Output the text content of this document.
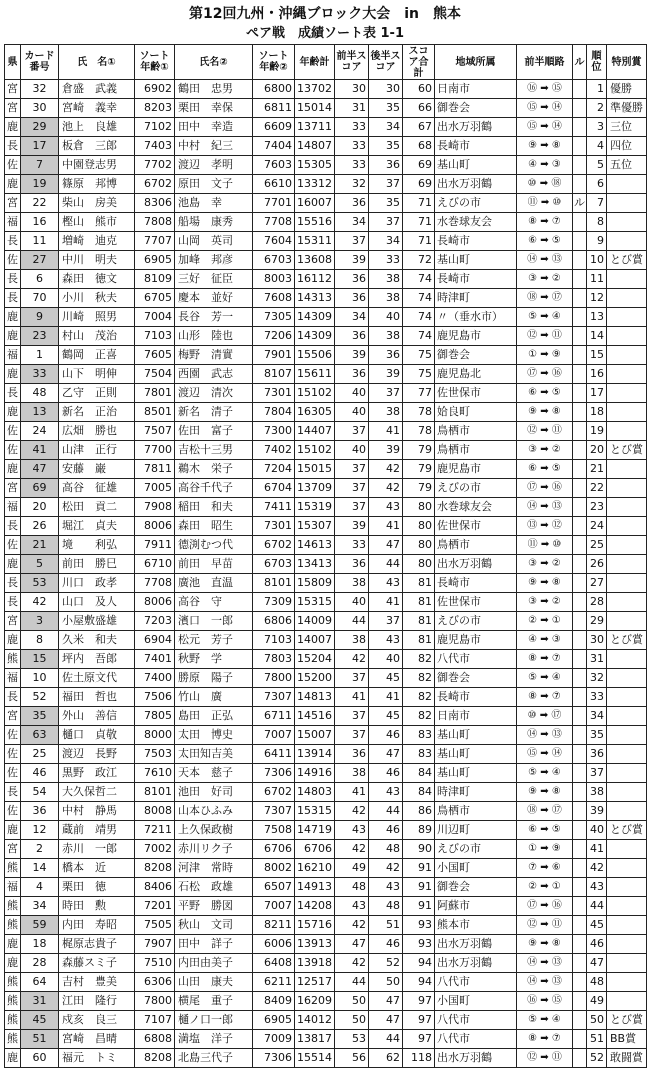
第12回九州・沖縄ブロック大会　in　熊本
ペア戦　成績ソート表 1-1
県	カード番号	氏　名①	ソート年齢①	氏名②	ソート年齢②	年齢計	前半スコア	後半スコア	スコア合計	地域所属	前半順路	ル	順位	特別賞
宮	32	倉盛　武義	6902	鶴田　忠男	6800	13702	30	30	60	日南市	⑯ ➡ ⑮		1	優勝
宮	30	宮崎　義幸	8203	栗田　幸保	6811	15014	31	35	66	御巻会	⑮ ➡ ⑭		2	準優勝
鹿	29	池上　良雄	7102	田中　幸造	6609	13711	33	34	67	出水万羽鶴	⑮ ➡ ⑭		3	三位
長	17	板倉　三郎	7403	中村　紀三	7404	14807	33	35	68	長崎市	⑨ ➡ ⑧		4	四位
佐	7	中園登志男	7702	渡辺　孝明	7603	15305	33	36	69	基山町	④ ➡ ③		5	五位
鹿	19	篠原　邦博	6702	原田　文子	6610	13312	32	37	69	出水万羽鶴	⑩ ➡ ⑱		6	
宮	22	柴山　房美	8306	池島　幸	7701	16007	36	35	71	えびの市	⑪ ➡ ⑩	ル	7	
福	16	樫山　熊市	7808	船場　康秀	7708	15516	34	37	71	水巻球友会	⑧ ➡ ⑦		8	
長	11	増崎　迪克	7707	山岡　英司	7604	15311	37	34	71	長崎市	⑥ ➡ ⑤		9	
佐	27	中川　明夫	6905	加峰　邦彦	6703	13608	39	33	72	基山町	⑭ ➡ ⑬		10	とび賞
長	6	森田　徳文	8109	三好　征臣	8003	16112	36	38	74	長崎市	③ ➡ ②		11	
長	70	小川　秋夫	6705	慶本　並好	7608	14313	36	38	74	時津町	⑱ ➡ ⑰		12	
鹿	9	川崎　照男	7004	長谷　芳一	7305	14309	34	40	74	〃（垂水市）	⑤ ➡ ④		13	
鹿	23	村山　茂治	7103	山形　陸也	7206	14309	36	38	74	鹿児島市	⑫ ➡ ⑪		14	
福	1	鶴岡　正喜	7605	梅野　清實	7901	15506	39	36	75	御巻会	① ➡ ⑨		15	
鹿	33	山下　明伸	7504	西園　武志	8107	15611	36	39	75	鹿児島北	⑰ ➡ ⑯		16	
長	48	乙守　正則	7801	渡辺　清次	7301	15102	40	37	77	佐世保市	⑥ ➡ ⑤		17	
鹿	13	新名　正治	8501	新名　清子	7804	16305	40	38	78	姶良町	⑨ ➡ ⑧		18	
佐	24	広畑　勝也	7507	佐田　富子	7300	14407	37	41	78	鳥栖市	⑫ ➡ ⑪		19	
佐	41	山津　正行	7700	吉松十三男	7402	15102	40	39	79	鳥栖市	③ ➡ ②		20	とび賞
鹿	47	安藤　巌	7811	鵜木　栄子	7204	15015	37	42	79	鹿児島市	⑥ ➡ ⑤		21	
宮	69	高谷　征雄	7005	高谷千代子	6704	13709	37	42	79	えびの市	⑰ ➡ ⑯		22	
福	20	松田　貢二	7908	稲田　和夫	7411	15319	37	43	80	水巻球友会	⑭ ➡ ⑬		23	
長	26	堀江　貞夫	8006	森田　昭生	7301	15307	39	41	80	佐世保市	⑬ ➡ ⑫		24	
佐	21	境　　利弘	7911	德渕むつ代	6702	14613	33	47	80	鳥栖市	⑪ ➡ ⑩		25	
鹿	5	前田　勝巳	6710	前田　早苗	6703	13413	36	44	80	出水万羽鶴	③ ➡ ②		26	
長	53	川口　政孝	7708	廣池　直温	8101	15809	38	43	81	長崎市	⑨ ➡ ⑧		27	
長	42	山口　及人	8006	高谷　守	7309	15315	40	41	81	佐世保市	③ ➡ ②		28	
宮	3	小屋敷盛雄	7203	濱口　一郎	6806	14009	44	37	81	えびの市	② ➡ ①		29	
鹿	8	久米　和夫	6904	松元　芳子	7103	14007	38	43	81	鹿児島市	④ ➡ ③		30	とび賞
熊	15	坪内　吾郎	7401	秋野　学	7803	15204	42	40	82	八代市	⑧ ➡ ⑦		31	
福	10	佐土原文代	7400	勝原　陽子	7800	15200	37	45	82	御巻会	⑤ ➡ ④		32	
長	52	福田　哲也	7506	竹山　廣	7307	14813	41	41	82	長崎市	⑧ ➡ ⑦		33	
宮	35	外山　善信	7805	島田　正弘	6711	14516	37	45	82	日南市	⑩ ➡ ⑰		34	
佐	63	樋口　貞敬	8000	太田　博史	7007	15007	37	46	83	基山町	⑭ ➡ ⑬		35	
佐	25	渡辺　長野	7503	太田知吉美	6411	13914	36	47	83	基山町	⑮ ➡ ⑭		36	
佐	46	黒野　政江	7610	天本　慈子	7306	14916	38	46	84	基山町	⑤ ➡ ④		37	
長	54	大久保哲二	8101	池田　好司	6702	14803	41	43	84	時津町	⑨ ➡ ⑧		38	
佐	36	中村　静馬	8008	山本ひふみ	7307	15315	42	44	86	鳥栖市	⑱ ➡ ⑰		39	
鹿	12	蔵前　靖男	7211	上久保政樹	7508	14719	43	46	89	川辺町	⑥ ➡ ⑤		40	とび賞
宮	2	赤川　一郎	7002	赤川リク子	6706	6706	42	48	90	えびの市	① ➡ ⑨		41	
熊	14	橋本　近	8208	河津　常時	8002	16210	49	42	91	小国町	⑦ ➡ ⑥		42	
福	4	栗田　徳	8406	石松　政雄	6507	14913	48	43	91	御巻会	② ➡ ①		43	
熊	34	時田　勲	7201	平野　勝図	7007	14208	43	48	91	阿蘇市	⑰ ➡ ⑯		44	
熊	59	内田　寿昭	7505	秋山　文司	8211	15716	42	51	93	熊本市	⑫ ➡ ⑪		45	
鹿	18	梶原志貴子	7907	田中　詳子	6006	13913	47	46	93	出水万羽鶴	⑨ ➡ ⑧		46	
鹿	28	森藤スミ子	7510	内田由美子	6408	13918	42	52	94	出水万羽鶴	⑭ ➡ ⑬		47	
熊	64	吉村　豊美	6306	山田　康夫	6211	12517	44	50	94	八代市	⑭ ➡ ⑬		48	
熊	31	江田　隆行	7800	横尾　重子	8409	16209	50	47	97	小国町	⑯ ➡ ⑮		49	
熊	45	戍亥　良三	7107	樋ノ口一郎	6905	14012	50	47	97	八代市	⑤ ➡ ④		50	とび賞
熊	51	宮崎　昌晴	6808	満塩　洋子	7009	13817	53	44	97	八代市	⑧ ➡ ⑦		51	BB賞
鹿	60	福元　トミ	8208	北島三代子	7306	15514	56	62	118	出水万羽鶴	⑫ ➡ ⑪		52	敢闘賞
